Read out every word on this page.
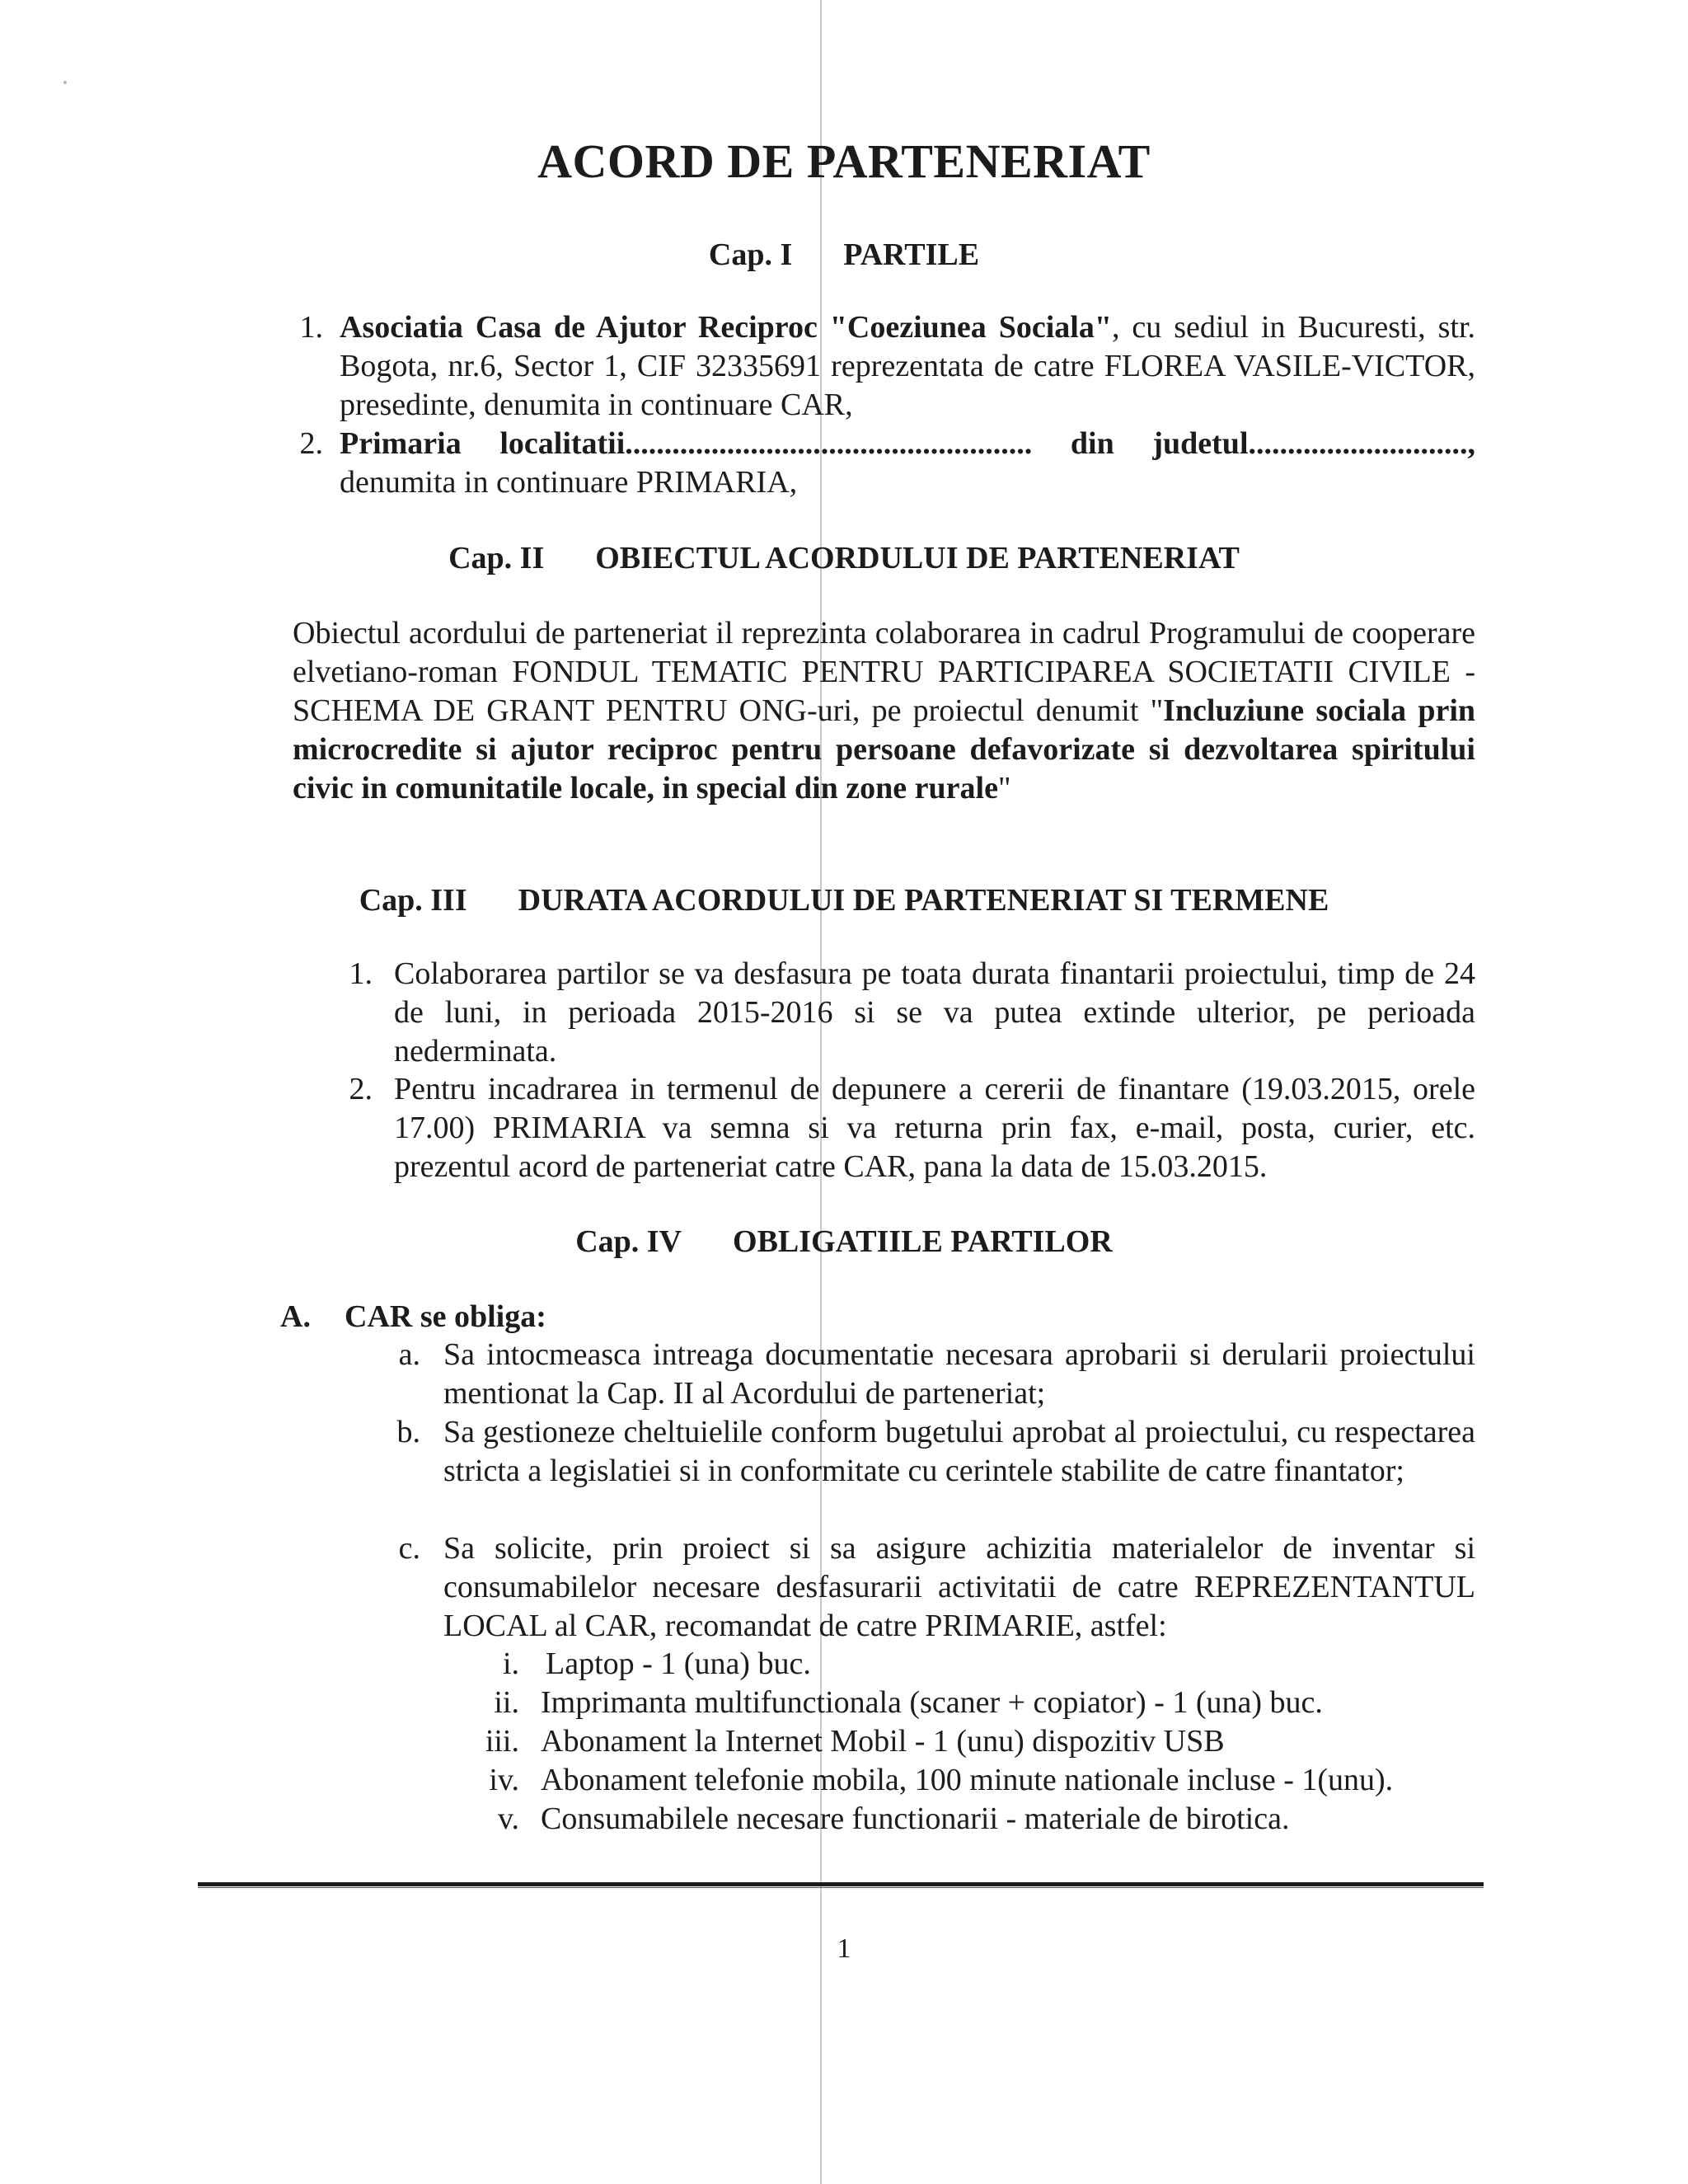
ACORD DE PARTENERIAT
Cap. I PARTILE
1. Asociatia Casa de Ajutor Reciproc "Coeziunea Sociala", cu sediul in Bucuresti, str. Bogota, nr.6, Sector 1, CIF 32335691 reprezentata de catre FLOREA VASILE-VICTOR, presedinte, denumita in continuare CAR,

2. Primaria localitatii.................................................... din judetul............................,
denumita in continuare PRIMARIA,

Cap. II OBIECTUL ACORDULUI DE PARTENERIAT

Obiectul acordului de parteneriat il reprezinta colaborarea in cadrul Programului de cooperare elvetiano-roman FONDUL TEMATIC PENTRU PARTICIPAREA SOCIETATII CIVILE - SCHEMA DE GRANT PENTRU ONG-uri, pe proiectul denumit "Incluziune sociala prin microcredite si ajutor reciproc pentru persoane defavorizate si dezvoltarea spiritului civic in comunitatile locale, in special din zone rurale"

Cap. III DURATA ACORDULUI DE PARTENERIAT SI TERMENE
1. Colaborarea partilor se va desfasura pe toata durata finantarii proiectului, timp de 24 de luni, in perioada 2015-2016 si se va putea extinde ulterior, pe perioada nederminata.

2. Pentru incadrarea in termenul de depunere a cererii de finantare (19.03.2015, orele 17.00) PRIMARIA va semna si va returna prin fax, e-mail, posta, curier, etc. prezentul acord de parteneriat catre CAR, pana la data de 15.03.2015.

Cap. IV OBLIGATIILE PARTILOR
A.	CAR se obliga:

a. Sa intocmeasca intreaga documentatie necesara aprobarii si derularii proiectului mentionat la Cap. II al Acordului de parteneriat;

b. Sa gestioneze cheltuielile conform bugetului aprobat al proiectului, cu respectarea stricta a legislatiei si in conformitate cu cerintele stabilite de catre finantator;

c. Sa solicite, prin proiect si sa asigure achizitia materialelor de inventar si consumabilelor necesare desfasurarii activitatii de catre REPREZENTANTUL LOCAL al CAR, recomandat de catre PRIMARIE, astfel:

i. Laptop - 1 (una) buc.

ii. Imprimanta multifunctionala (scaner + copiator) - 1 (una) buc.

iii. Abonament la Internet Mobil - 1 (unu) dispozitiv USB

iv. Abonament telefonie mobila, 100 minute nationale incluse - 1(unu).

v. Consumabilele necesare functionarii - materiale de birotica.

1
